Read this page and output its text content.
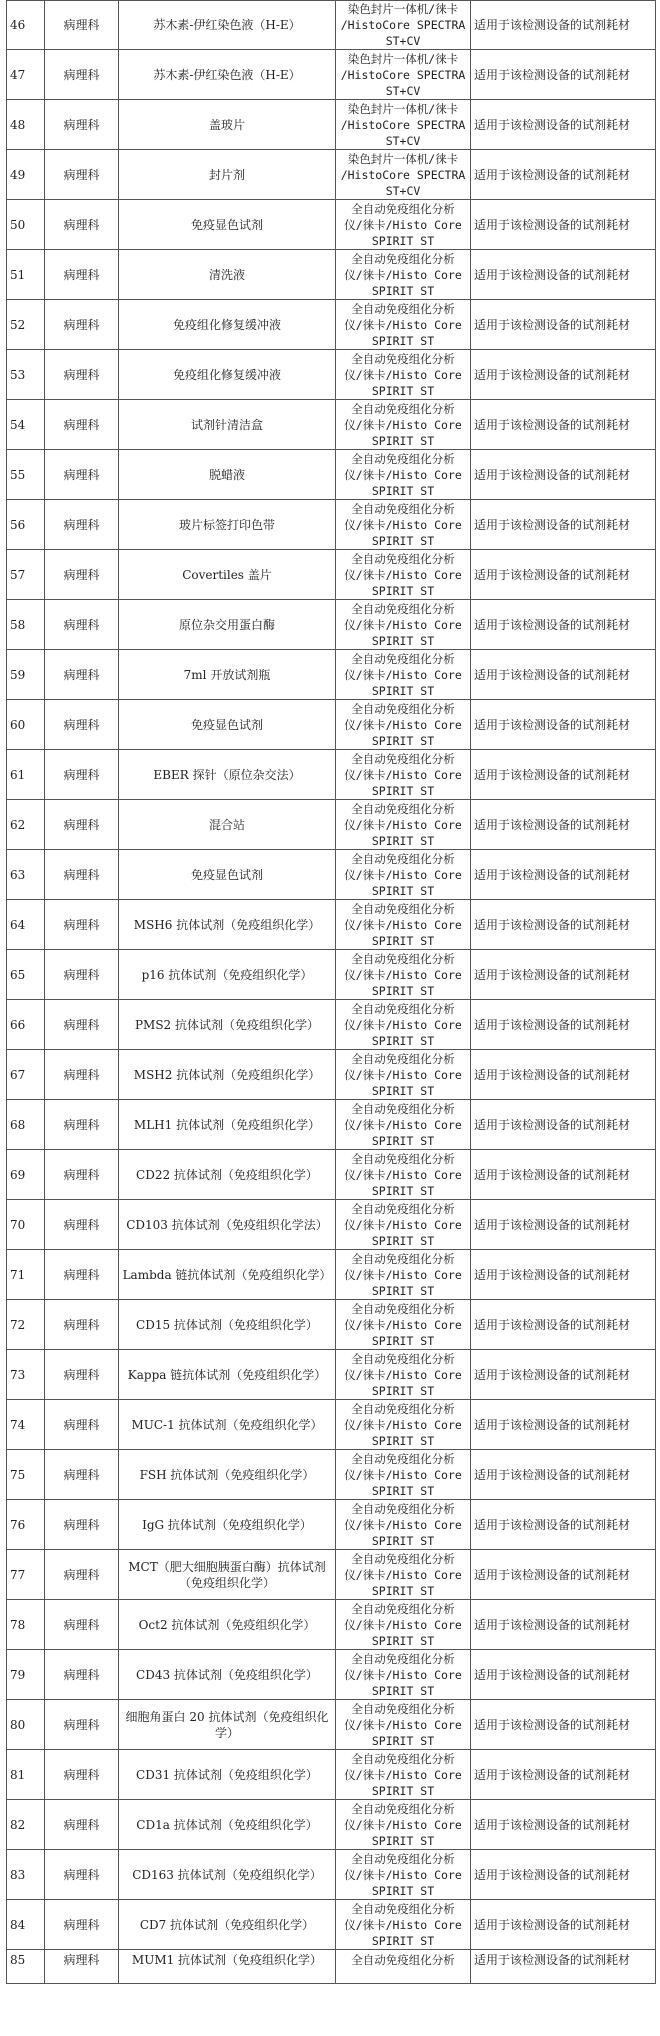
46	病理科	苏木素-伊红染色液（H-E）	染色封片一体机/徕卡
/HistoCore SPECTRA
ST+CV	适用于该检测设备的试剂耗材
47	病理科	苏木素-伊红染色液（H-E）	染色封片一体机/徕卡
/HistoCore SPECTRA
ST+CV	适用于该检测设备的试剂耗材
48	病理科	盖玻片	染色封片一体机/徕卡
/HistoCore SPECTRA
ST+CV	适用于该检测设备的试剂耗材
49	病理科	封片剂	染色封片一体机/徕卡
/HistoCore SPECTRA
ST+CV	适用于该检测设备的试剂耗材
50	病理科	免疫显色试剂	全自动免疫组化分析
仪/徕卡/Histo Core
SPIRIT ST	适用于该检测设备的试剂耗材
51	病理科	清洗液	全自动免疫组化分析
仪/徕卡/Histo Core
SPIRIT ST	适用于该检测设备的试剂耗材
52	病理科	免疫组化修复缓冲液	全自动免疫组化分析
仪/徕卡/Histo Core
SPIRIT ST	适用于该检测设备的试剂耗材
53	病理科	免疫组化修复缓冲液	全自动免疫组化分析
仪/徕卡/Histo Core
SPIRIT ST	适用于该检测设备的试剂耗材
54	病理科	试剂针清洁盒	全自动免疫组化分析
仪/徕卡/Histo Core
SPIRIT ST	适用于该检测设备的试剂耗材
55	病理科	脱蜡液	全自动免疫组化分析
仪/徕卡/Histo Core
SPIRIT ST	适用于该检测设备的试剂耗材
56	病理科	玻片标签打印色带	全自动免疫组化分析
仪/徕卡/Histo Core
SPIRIT ST	适用于该检测设备的试剂耗材
57	病理科	Covertiles 盖片	全自动免疫组化分析
仪/徕卡/Histo Core
SPIRIT ST	适用于该检测设备的试剂耗材
58	病理科	原位杂交用蛋白酶	全自动免疫组化分析
仪/徕卡/Histo Core
SPIRIT ST	适用于该检测设备的试剂耗材
59	病理科	7ml 开放试剂瓶	全自动免疫组化分析
仪/徕卡/Histo Core
SPIRIT ST	适用于该检测设备的试剂耗材
60	病理科	免疫显色试剂	全自动免疫组化分析
仪/徕卡/Histo Core
SPIRIT ST	适用于该检测设备的试剂耗材
61	病理科	EBER 探针（原位杂交法）	全自动免疫组化分析
仪/徕卡/Histo Core
SPIRIT ST	适用于该检测设备的试剂耗材
62	病理科	混合站	全自动免疫组化分析
仪/徕卡/Histo Core
SPIRIT ST	适用于该检测设备的试剂耗材
63	病理科	免疫显色试剂	全自动免疫组化分析
仪/徕卡/Histo Core
SPIRIT ST	适用于该检测设备的试剂耗材
64	病理科	MSH6 抗体试剂（免疫组织化学）	全自动免疫组化分析
仪/徕卡/Histo Core
SPIRIT ST	适用于该检测设备的试剂耗材
65	病理科	p16 抗体试剂（免疫组织化学）	全自动免疫组化分析
仪/徕卡/Histo Core
SPIRIT ST	适用于该检测设备的试剂耗材
66	病理科	PMS2 抗体试剂（免疫组织化学）	全自动免疫组化分析
仪/徕卡/Histo Core
SPIRIT ST	适用于该检测设备的试剂耗材
67	病理科	MSH2 抗体试剂（免疫组织化学）	全自动免疫组化分析
仪/徕卡/Histo Core
SPIRIT ST	适用于该检测设备的试剂耗材
68	病理科	MLH1 抗体试剂（免疫组织化学）	全自动免疫组化分析
仪/徕卡/Histo Core
SPIRIT ST	适用于该检测设备的试剂耗材
69	病理科	CD22 抗体试剂（免疫组织化学）	全自动免疫组化分析
仪/徕卡/Histo Core
SPIRIT ST	适用于该检测设备的试剂耗材
70	病理科	CD103 抗体试剂（免疫组织化学法）	全自动免疫组化分析
仪/徕卡/Histo Core
SPIRIT ST	适用于该检测设备的试剂耗材
71	病理科	Lambda 链抗体试剂（免疫组织化学）	全自动免疫组化分析
仪/徕卡/Histo Core
SPIRIT ST	适用于该检测设备的试剂耗材
72	病理科	CD15 抗体试剂（免疫组织化学）	全自动免疫组化分析
仪/徕卡/Histo Core
SPIRIT ST	适用于该检测设备的试剂耗材
73	病理科	Kappa 链抗体试剂（免疫组织化学）	全自动免疫组化分析
仪/徕卡/Histo Core
SPIRIT ST	适用于该检测设备的试剂耗材
74	病理科	MUC-1 抗体试剂（免疫组织化学）	全自动免疫组化分析
仪/徕卡/Histo Core
SPIRIT ST	适用于该检测设备的试剂耗材
75	病理科	FSH 抗体试剂（免疫组织化学）	全自动免疫组化分析
仪/徕卡/Histo Core
SPIRIT ST	适用于该检测设备的试剂耗材
76	病理科	IgG 抗体试剂（免疫组织化学）	全自动免疫组化分析
仪/徕卡/Histo Core
SPIRIT ST	适用于该检测设备的试剂耗材
77	病理科	MCT（肥大细胞胰蛋白酶）抗体试剂（免疫组织化学）	全自动免疫组化分析
仪/徕卡/Histo Core
SPIRIT ST	适用于该检测设备的试剂耗材
78	病理科	Oct2 抗体试剂（免疫组织化学）	全自动免疫组化分析
仪/徕卡/Histo Core
SPIRIT ST	适用于该检测设备的试剂耗材
79	病理科	CD43 抗体试剂（免疫组织化学）	全自动免疫组化分析
仪/徕卡/Histo Core
SPIRIT ST	适用于该检测设备的试剂耗材
80	病理科	细胞角蛋白 20 抗体试剂（免疫组织化学）	全自动免疫组化分析
仪/徕卡/Histo Core
SPIRIT ST	适用于该检测设备的试剂耗材
81	病理科	CD31 抗体试剂（免疫组织化学）	全自动免疫组化分析
仪/徕卡/Histo Core
SPIRIT ST	适用于该检测设备的试剂耗材
82	病理科	CD1a 抗体试剂（免疫组织化学）	全自动免疫组化分析
仪/徕卡/Histo Core
SPIRIT ST	适用于该检测设备的试剂耗材
83	病理科	CD163 抗体试剂（免疫组织化学）	全自动免疫组化分析
仪/徕卡/Histo Core
SPIRIT ST	适用于该检测设备的试剂耗材
84	病理科	CD7 抗体试剂（免疫组织化学）	全自动免疫组化分析
仪/徕卡/Histo Core
SPIRIT ST	适用于该检测设备的试剂耗材
85	病理科	MUM1 抗体试剂（免疫组织化学）	全自动免疫组化分析	适用于该检测设备的试剂耗材
